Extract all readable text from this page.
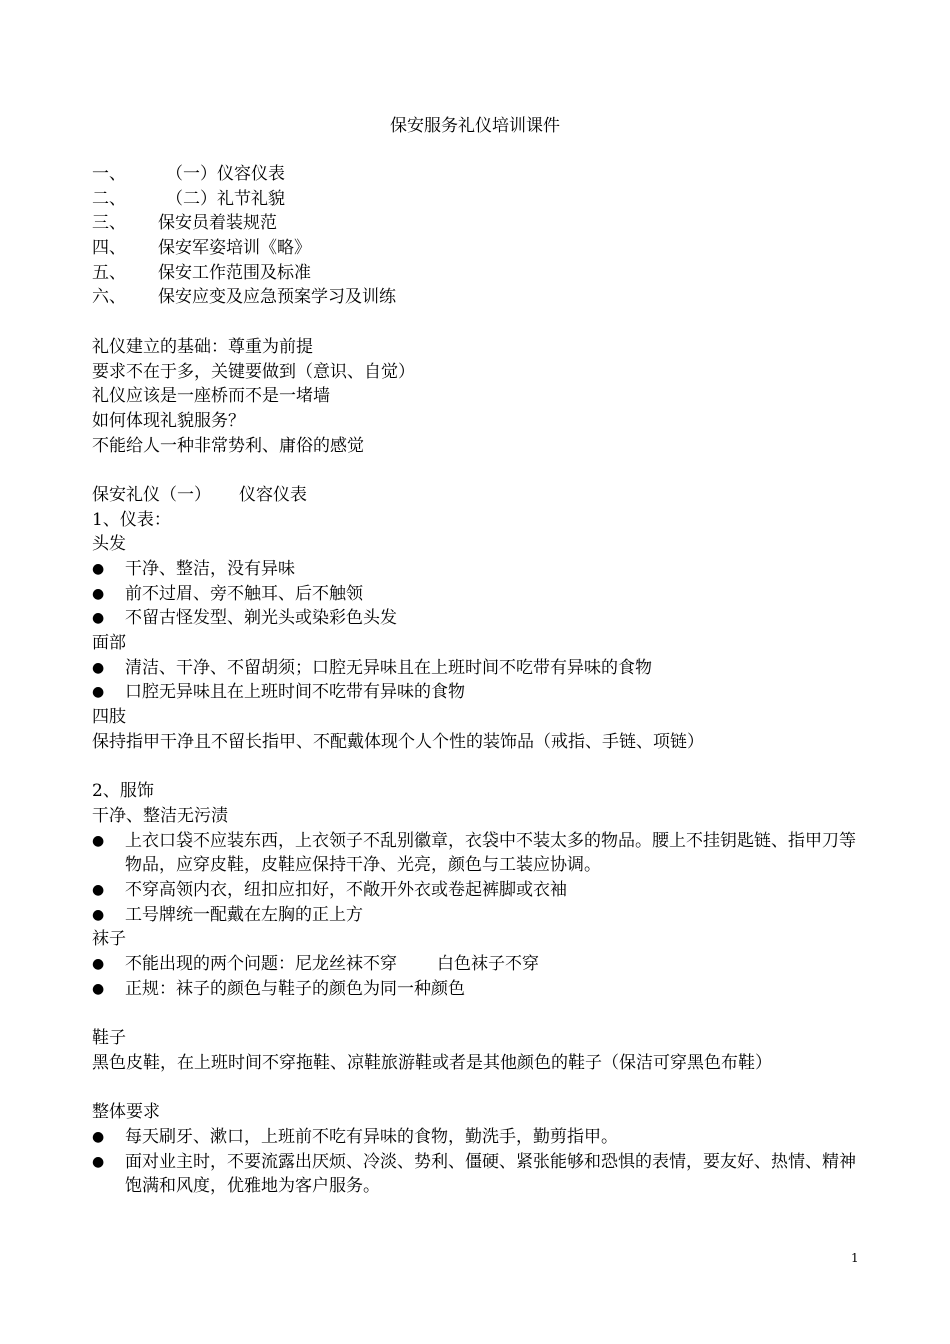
保安服务礼仪培训课件
一、	（一）仪容仪表
二、	（二）礼节礼貌
三、	保安员着装规范
四、	保安军姿培训《略》
五、	保安工作范围及标准
六、	保安应变及应急预案学习及训练
礼仪建立的基础：尊重为前提
要求不在于多，关键要做到（意识、自觉）
礼仪应该是一座桥而不是一堵墙
如何体现礼貌服务？
不能给人一种非常势利、庸俗的感觉
保安礼仪（一） 仪容仪表
1、仪表：
头发
●	干净、整洁，没有异味
●	前不过眉、旁不触耳、后不触领
●	不留古怪发型、剃光头或染彩色头发
面部
●	清洁、干净、不留胡须；口腔无异味且在上班时间不吃带有异味的食物
●	口腔无异味且在上班时间不吃带有异味的食物
四肢
保持指甲干净且不留长指甲、不配戴体现个人个性的装饰品（戒指、手链、项链）
2、服饰
干净、整洁无污渍
●	上衣口袋不应装东西，上衣领子不乱别徽章，衣袋中不装太多的物品。腰上不挂钥匙链、指甲刀等物品，应穿皮鞋，皮鞋应保持干净、光亮，颜色与工装应协调。
●	不穿高领内衣，纽扣应扣好，不敞开外衣或卷起裤脚或衣袖
●	工号牌统一配戴在左胸的正上方
袜子
●	不能出现的两个问题：尼龙丝袜不穿 白色袜子不穿
●	正规：袜子的颜色与鞋子的颜色为同一种颜色
鞋子
黑色皮鞋，在上班时间不穿拖鞋、凉鞋旅游鞋或者是其他颜色的鞋子（保洁可穿黑色布鞋）
整体要求
●	每天刷牙、漱口，上班前不吃有异味的食物，勤洗手，勤剪指甲。
●	面对业主时，不要流露出厌烦、冷淡、势利、僵硬、紧张能够和恐惧的表情，要友好、热情、精神饱满和风度，优雅地为客户服务。
1
